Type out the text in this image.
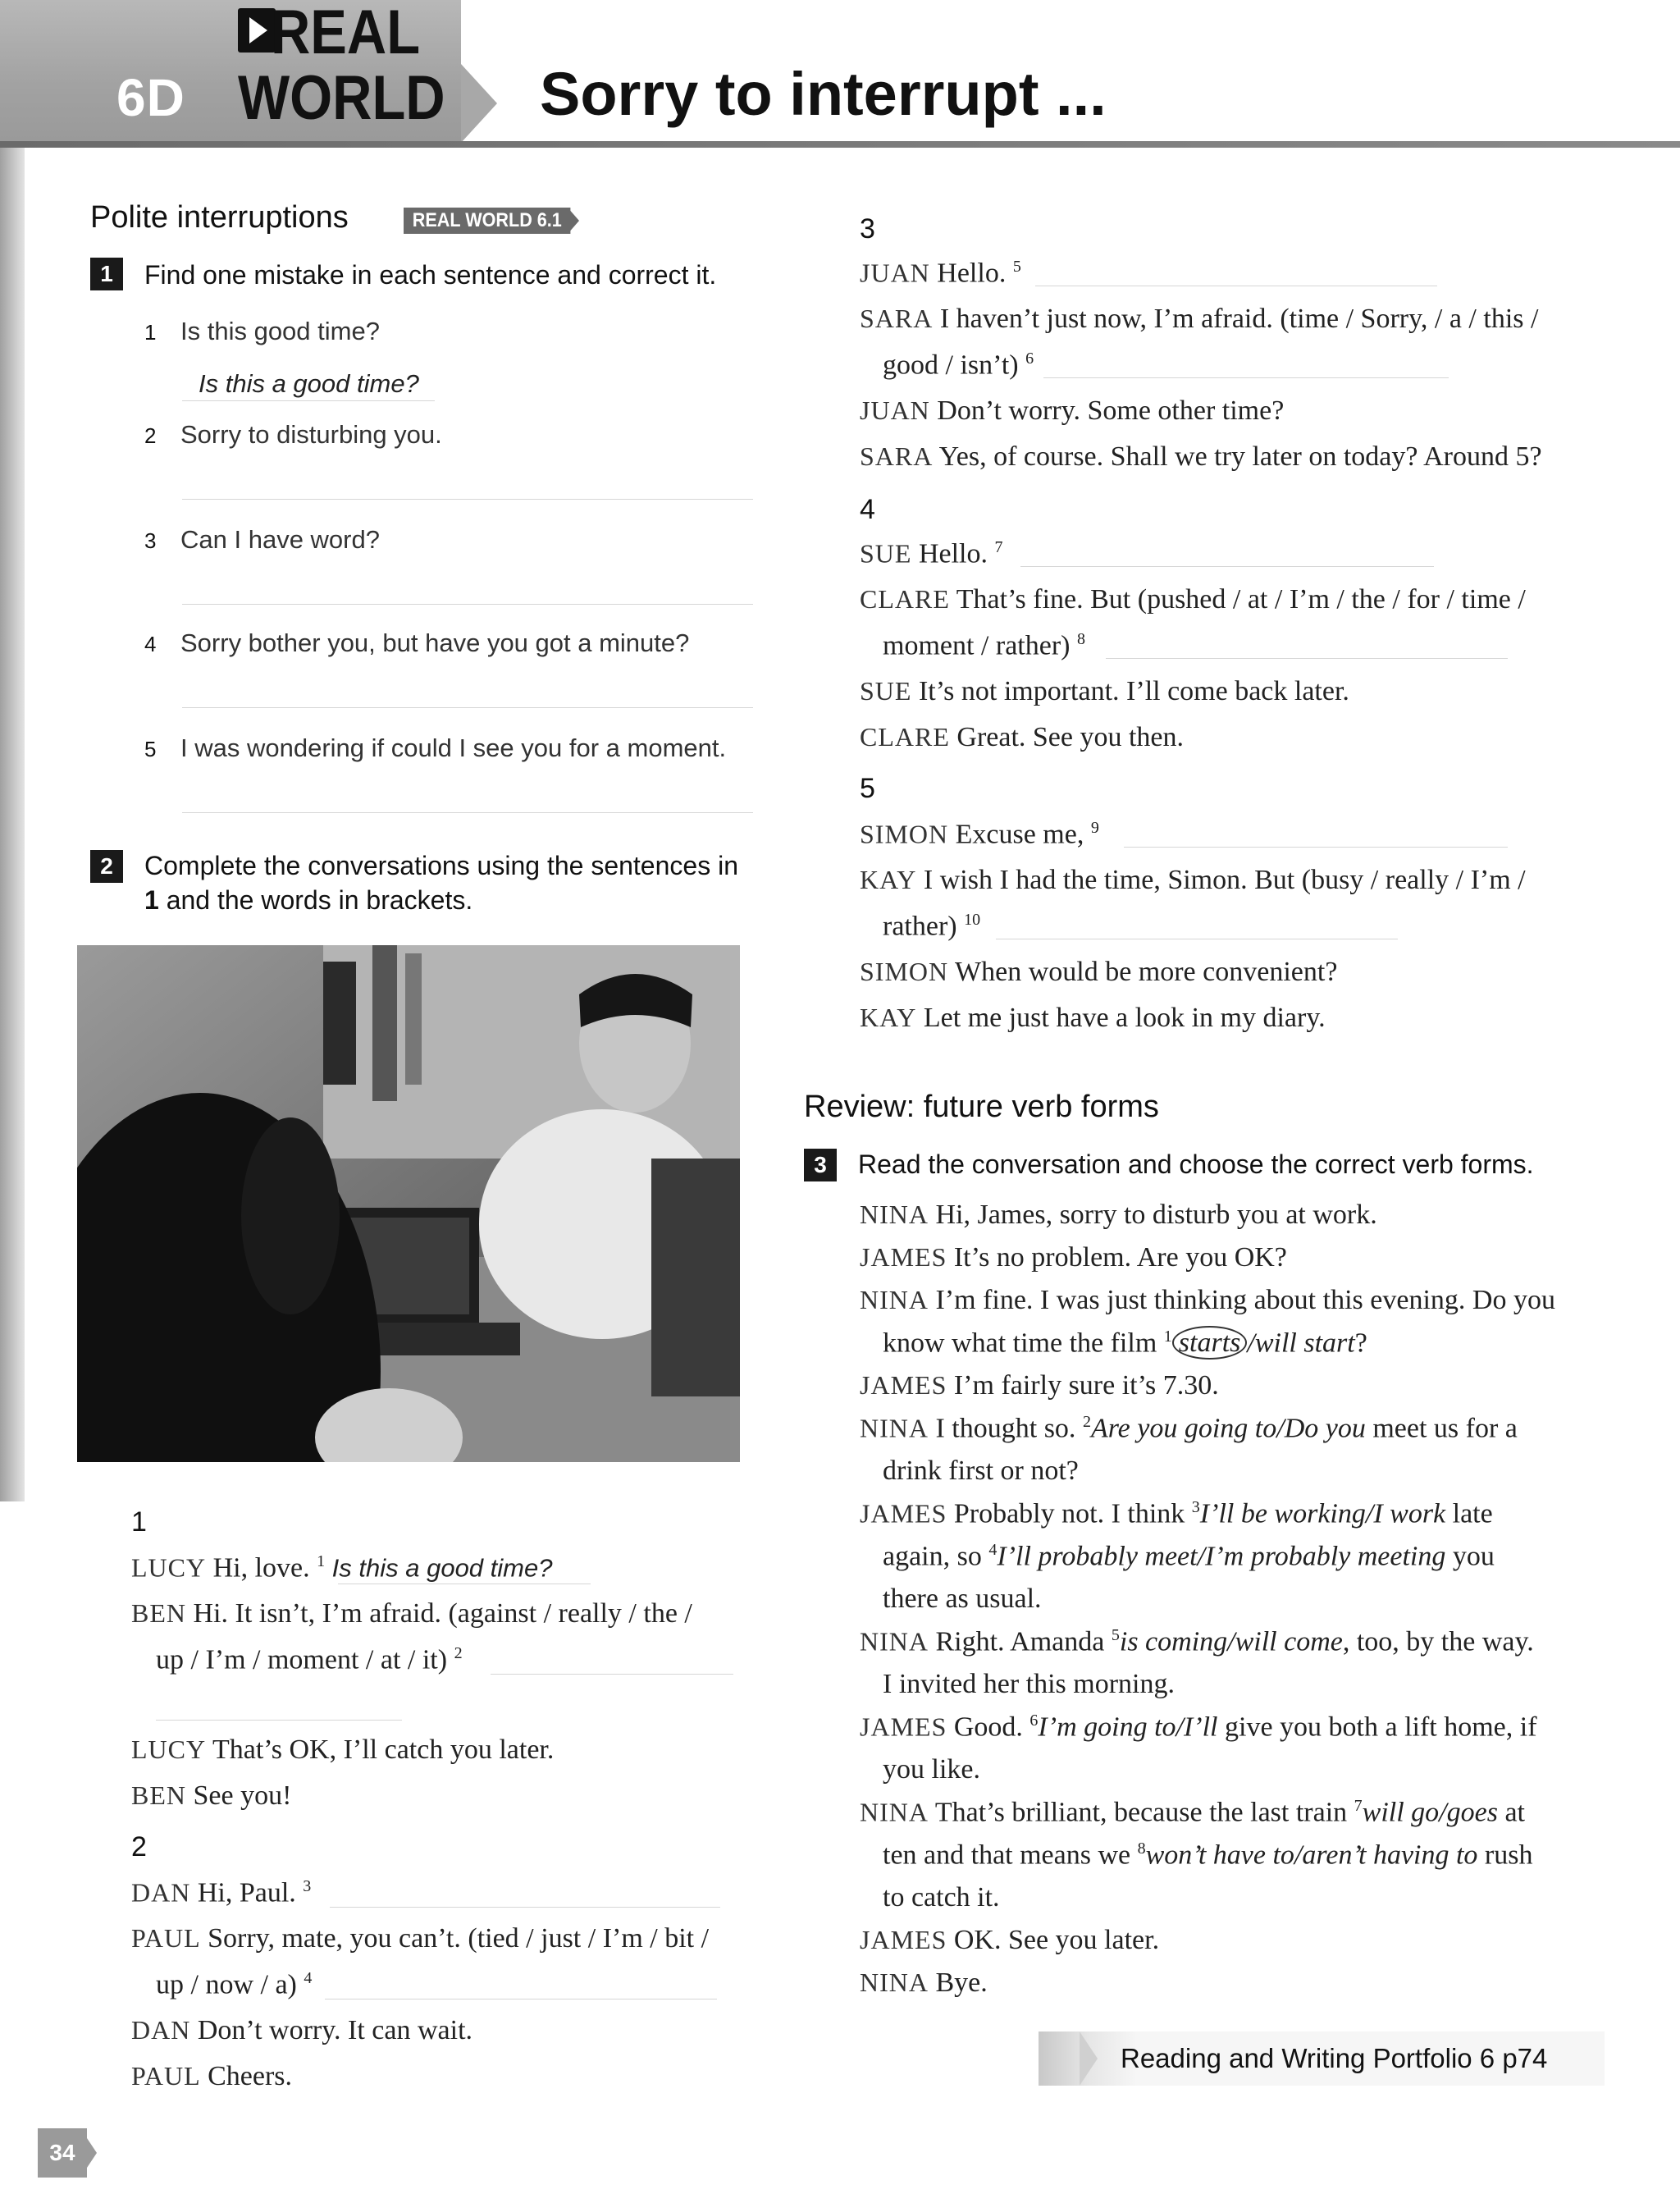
REAL
6D WORLD Sorry to interrupt ...
Polite interruptions	REAL WORLD 6.1
1	Find one mistake in each sentence and correct it.
1 Is this good time?
Is this a good time?
2 Sorry to disturbing you.
3 Can I have word?
4 Sorry bother you, but have you got a minute?
5 I was wondering if could I see you for a moment.
2	Complete the conversations using the sentences in
1 and the words in brackets.
1
LUCY Hi, love. $^1$ Is this a good time?
BEN Hi. It isn’t, I’m afraid. (against / really / the /
up / I’m / moment / at / it) $^2$
LUCY That’s OK, I’ll catch you later.
BEN See you!
2
DAN Hi, Paul. $^3$
PAUL Sorry, mate, you can’t. (tied / just / I’m / bit /
up / now / a) $^4$
DAN Don’t worry. It can wait.
PAUL Cheers.
3
JUAN Hello. $^5$
SARA I haven’t just now, I’m afraid. (time / Sorry, / a / this /
good / isn’t) $^6$
JUAN Don’t worry. Some other time?
SARA Yes, of course. Shall we try later on today? Around 5?
4
SUE Hello. $^7$
CLARE That’s fine. But (pushed / at / I’m / the / for / time /
moment / rather) $^8$
SUE It’s not important. I’ll come back later.
CLARE Great. See you then.
5
SIMON Excuse me, $^9$
KAY I wish I had the time, Simon. But (busy / really / I’m /
rather) $^{10}$
SIMON When would be more convenient?
KAY Let me just have a look in my diary.
Review: future verb forms
3	Read the conversation and choose the correct verb forms.
NINA Hi, James, sorry to disturb you at work.
JAMES It’s no problem. Are you OK?
NINA I’m fine. I was just thinking about this evening. Do you
know what time the film $^1$ starts /will start?
JAMES I’m fairly sure it’s 7.30.
NINA I thought so. $^2$Are you going to/Do you meet us for a
drink first or not?
JAMES Probably not. I think $^3$I’ll be working/I work late
again, so $^4$I’ll probably meet/I’m probably meeting you
there as usual.
NINA Right. Amanda $^5$is coming/will come, too, by the way.
I invited her this morning.
JAMES Good. $^6$I’m going to/I’ll give you both a lift home, if
you like.
NINA That’s brilliant, because the last train $^7$will go/goes at
ten and that means we $^8$won’t have to/aren’t having to rush
to catch it.
JAMES OK. See you later.
NINA Bye.
Reading and Writing Portfolio 6 p74
34
